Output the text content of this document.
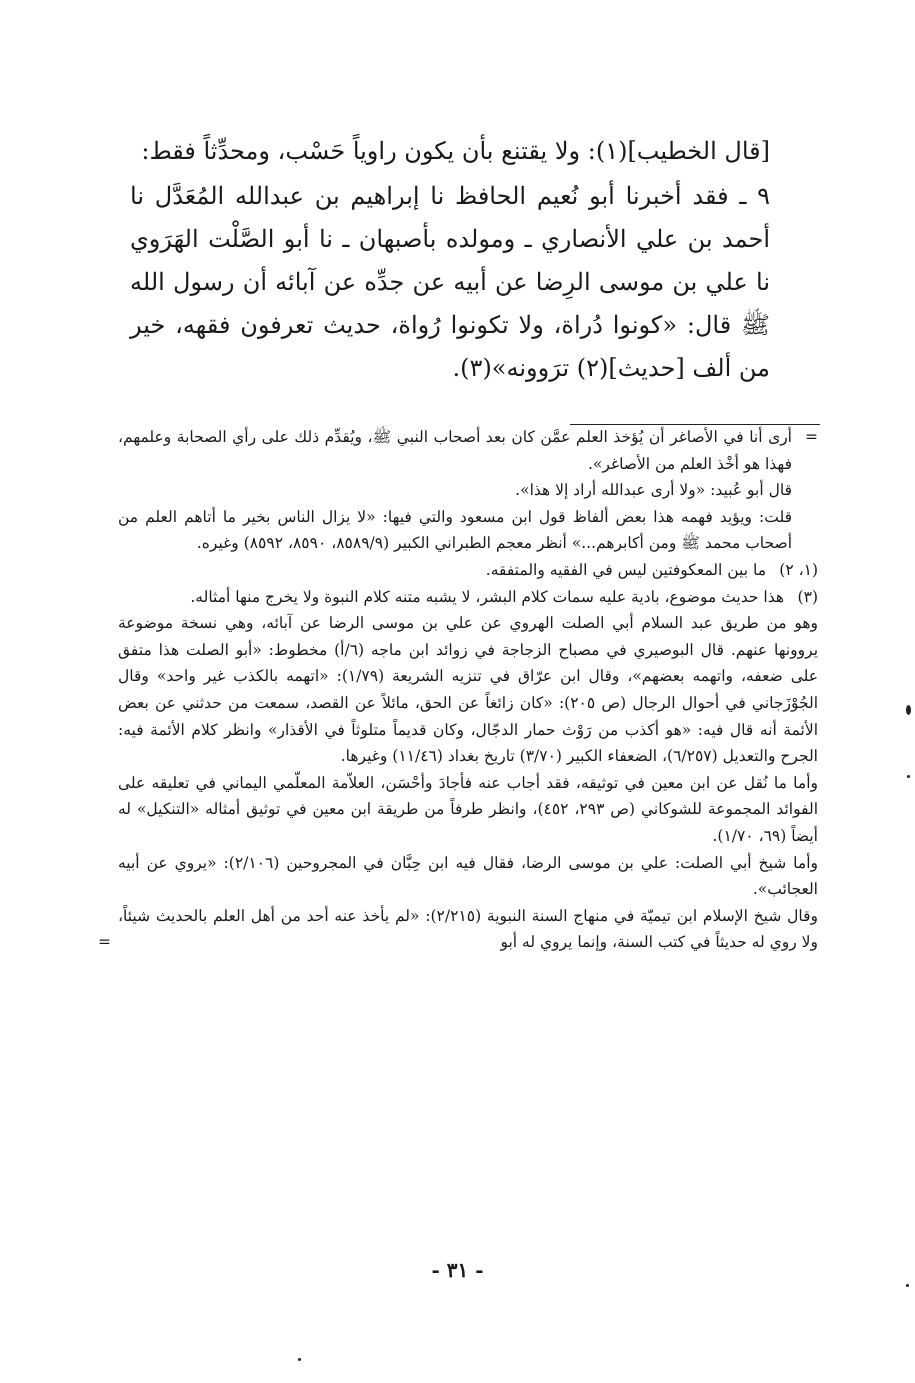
[قال الخطيب](١): ولا يقتنع بأن يكون راوياً حَسْب، ومحدِّثاً فقط:

٩ ـ فقد أخبرنا أبو نُعيم الحافظ نا إبراهيم بن عبدالله المُعَدَّل نا أحمد بن علي الأنصاري ـ ومولده بأصبهان ـ نا أبو الصَّلْت الهَرَوي نا علي بن موسى الرِضا عن أبيه عن جدِّه عن آبائه أن رسول الله ﷺ قال: «كونوا دُراة، ولا تكونوا رُواة، حديث تعرفون فقهه، خير من ألف [حديث](٢) ترَوونه»(٣).

=

أرى أنا في الأصاغر أن يُؤخذ العلم عمَّن كان بعد أصحاب النبي ﷺ، ويُقدِّم ذلك على رأي الصحابة وعلمهم، فهذا هو أخْذ العلم من الأصاغر».

قال أبو عُبيد: «ولا أرى عبدالله أراد إلا هذا».

قلت: ويؤيد فهمه هذا بعض ألفاظ قول ابن مسعود والتي فيها: «لا يزال الناس بخير ما أتاهم العلم من أصحاب محمد ﷺ ومن أكابرهم...» أنظر معجم الطبراني الكبير (٨٥٨٩/٩، ٨٥٩٠، ٨٥٩٢) وغيره.

(١، ٢)

ما بين المعكوفتين ليس في الفقيه والمتفقه.

(٣)

هذا حديث موضوع، بادية عليه سمات كلام البشر، لا يشبه متنه كلام النبوة ولا يخرج منها أمثاله.

وهو من طريق عبد السلام أبي الصلت الهروي عن علي بن موسى الرضا عن آبائه، وهي نسخة موضوعة يروونها عنهم. قال البوصيري في مصباح الزجاجة في زوائد ابن ماجه (٦/أ) مخطوط: «أبو الصلت هذا متفق على ضعفه، واتهمه بعضهم»، وقال ابن عرّاق في تنزيه الشريعة (١/٧٩): «اتهمه بالكذب غير واحد» وقال الجُوْزَجاني في أحوال الرجال (ص ٢٠٥): «كان زائغاً عن الحق، مائلاً عن القصد، سمعت من حدثني عن بعض الأئمة أنه قال فيه: «هو أكذب من رَوْث حمار الدجّال، وكان قديماً متلوثاً في الأقذار» وانظر كلام الأئمة فيه: الجرح والتعديل (٦/٢٥٧)، الضعفاء الكبير (٣/٧٠) تاريخ بغداد (١١/٤٦) وغيرها.

وأما ما نُقل عن ابن معين في توثيقه، فقد أجاب عنه فأجادَ وأحْسَن، العلاّمة المعلّمي اليماني في تعليقه على الفوائد المجموعة للشوكاني (ص ٢٩٣، ٤٥٢)، وانظر طرفاً من طريقة ابن معين في توثيق أمثاله «التنكيل» له أيضاً (٦٩، ١/٧٠).

وأما شيخ أبي الصلت: علي بن موسى الرضا، فقال فيه ابن حِبَّان في المجروحين (٢/١٠٦): «يروي عن أبيه العجائب».

وقال شيخ الإسلام ابن تيميّة في منهاج السنة النبوية (٢/٢١٥): «لم يأخذ عنه أحد من أهل العلم بالحديث شيئاً، ولا روي له حديثاً في كتب السنة، وإنما يروي له أبو
=

- ٣١ -
